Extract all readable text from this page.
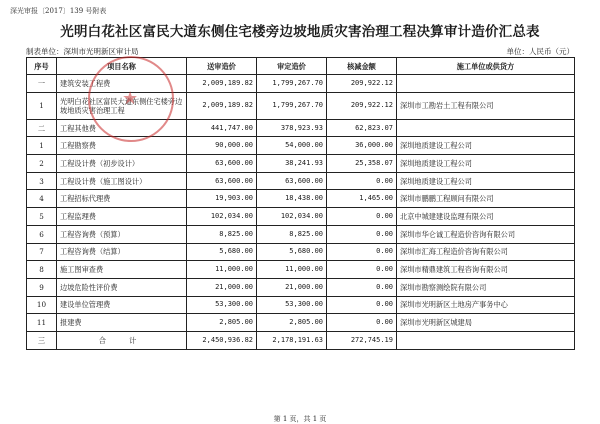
深光审报〔2017〕139 号附表
光明白花社区富民大道东侧住宅楼旁边坡地质灾害治理工程决算审计造价汇总表
制表单位：深圳市光明新区审计局	单位：人民币（元）
序号	项目名称	送审造价	审定造价	核减金额	施工单位或供货方
一	建筑安装工程费	2,009,189.82	1,799,267.70	209,922.12	
1	光明白花社区富民大道东侧住宅楼旁边坡地质灾害治理工程	2,009,189.82	1,799,267.70	209,922.12	深圳市工勘岩土工程有限公司
二	工程其他费	441,747.00	378,923.93	62,823.07	
1	工程勘察费	90,000.00	54,000.00	36,000.00	深圳地质建设工程公司
2	工程设计费（初步设计）	63,600.00	38,241.93	25,358.07	深圳地质建设工程公司
3	工程设计费（施工图设计）	63,600.00	63,600.00	0.00	深圳地质建设工程公司
4	工程招标代理费	19,903.00	18,438.00	1,465.00	深圳市鹏鹏工程顾问有限公司
5	工程监理费	102,034.00	102,034.00	0.00	北京中城建建设监理有限公司
6	工程咨询费（预算）	8,825.00	8,825.00	0.00	深圳市华仑诚工程造价咨询有限公司
7	工程咨询费（结算）	5,680.00	5,680.00	0.00	深圳市汇海工程造价咨询有限公司
8	施工图审查费	11,000.00	11,000.00	0.00	深圳市精鼎建筑工程咨询有限公司
9	边坡危险性评价费	21,000.00	21,000.00	0.00	深圳市勘察测绘院有限公司
10	建设单位管理费	53,300.00	53,300.00	0.00	深圳市光明新区土地房产事务中心
11	报建费	2,805.00	2,805.00	0.00	深圳市光明新区城建局
三	合　计	2,450,936.82	2,178,191.63	272,745.19	
★
第 1 页，共 1 页
